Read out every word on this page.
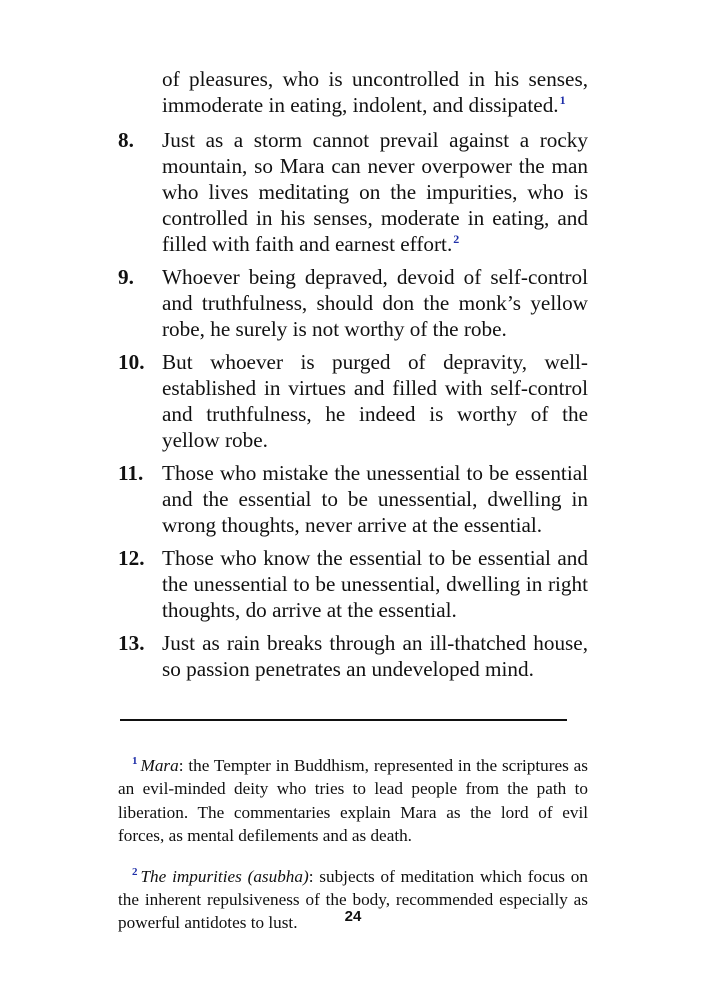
of pleasures, who is uncontrolled in his senses, immoderate in eating, indolent, and dissipated.$^1$
8. Just as a storm cannot prevail against a rocky mountain, so Mara can never overpower the man who lives meditating on the impurities, who is controlled in his senses, moderate in eating, and filled with faith and earnest effort.$^2$
9. Whoever being depraved, devoid of self-control and truthfulness, should don the monk’s yellow robe, he surely is not worthy of the robe.
10. But whoever is purged of depravity, well-established in virtues and filled with self-control and truthfulness, he indeed is worthy of the yellow robe.
11. Those who mistake the unessential to be essential and the essential to be unessential, dwelling in wrong thoughts, never arrive at the essential.
12. Those who know the essential to be essential and the unessential to be unessential, dwelling in right thoughts, do arrive at the essential.
13. Just as rain breaks through an ill-thatched house, so passion penetrates an undeveloped mind.

$^1$ Mara: the Tempter in Buddhism, represented in the scriptures as an evil-minded deity who tries to lead people from the path to liberation. The commentaries explain Mara as the lord of evil forces, as mental defilements and as death.

$^2$ The impurities (asubha): subjects of meditation which focus on the inherent repulsiveness of the body, recommended especially as powerful antidotes to lust.	24
